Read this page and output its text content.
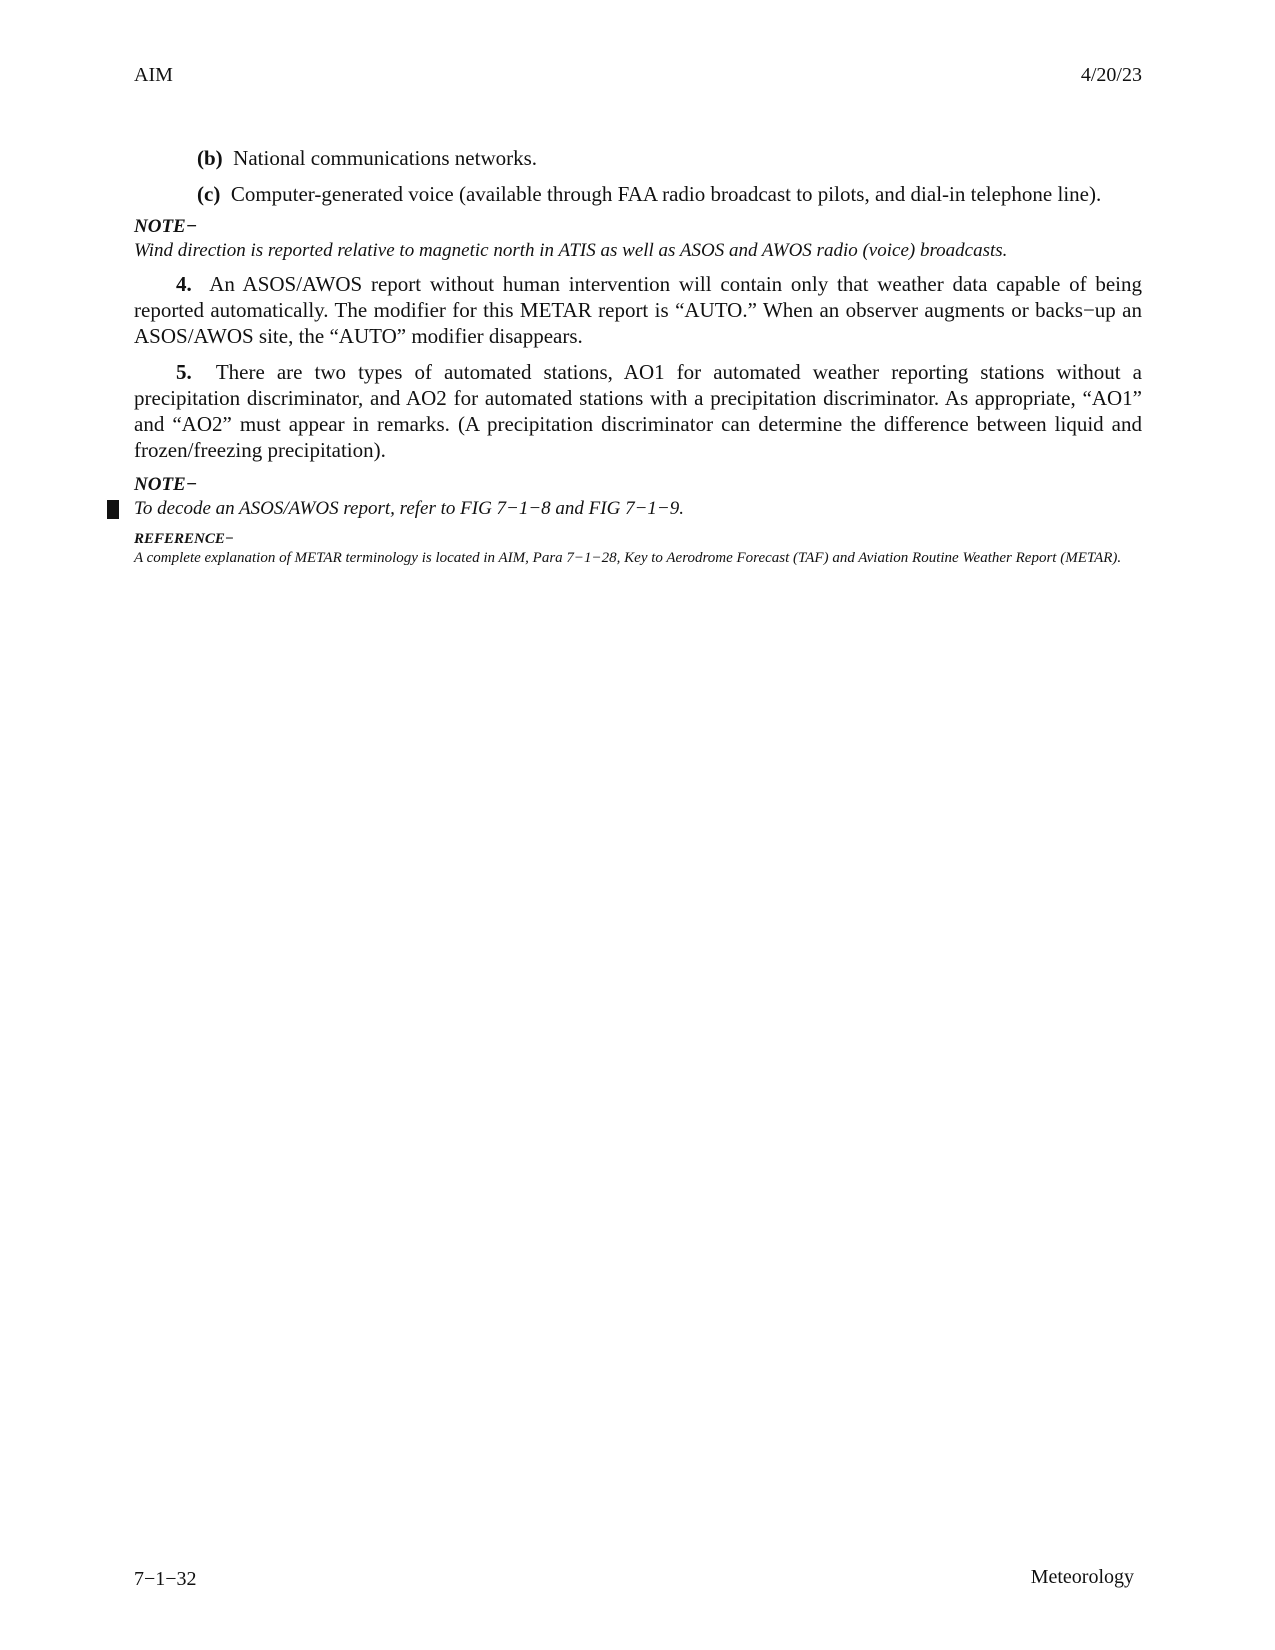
AIM	4/20/23

(b) National communications networks.

(c) Computer-generated voice (available through FAA radio broadcast to pilots, and dial-in telephone line).

NOTE−

Wind direction is reported relative to magnetic north in ATIS as well as ASOS and AWOS radio (voice) broadcasts.

4. An ASOS/AWOS report without human intervention will contain only that weather data capable of being reported automatically. The modifier for this METAR report is “AUTO.” When an observer augments or backs−up an ASOS/AWOS site, the “AUTO” modifier disappears.

5. There are two types of automated stations, AO1 for automated weather reporting stations without a precipitation discriminator, and AO2 for automated stations with a precipitation discriminator. As appropriate, “AO1” and “AO2” must appear in remarks. (A precipitation discriminator can determine the difference between liquid and frozen/freezing precipitation).

NOTE−

To decode an ASOS/AWOS report, refer to FIG 7−1−8 and FIG 7−1−9.

REFERENCE−

A complete explanation of METAR terminology is located in AIM, Para 7−1−28, Key to Aerodrome Forecast (TAF) and Aviation Routine Weather Report (METAR).

7−1−32	Meteorology
